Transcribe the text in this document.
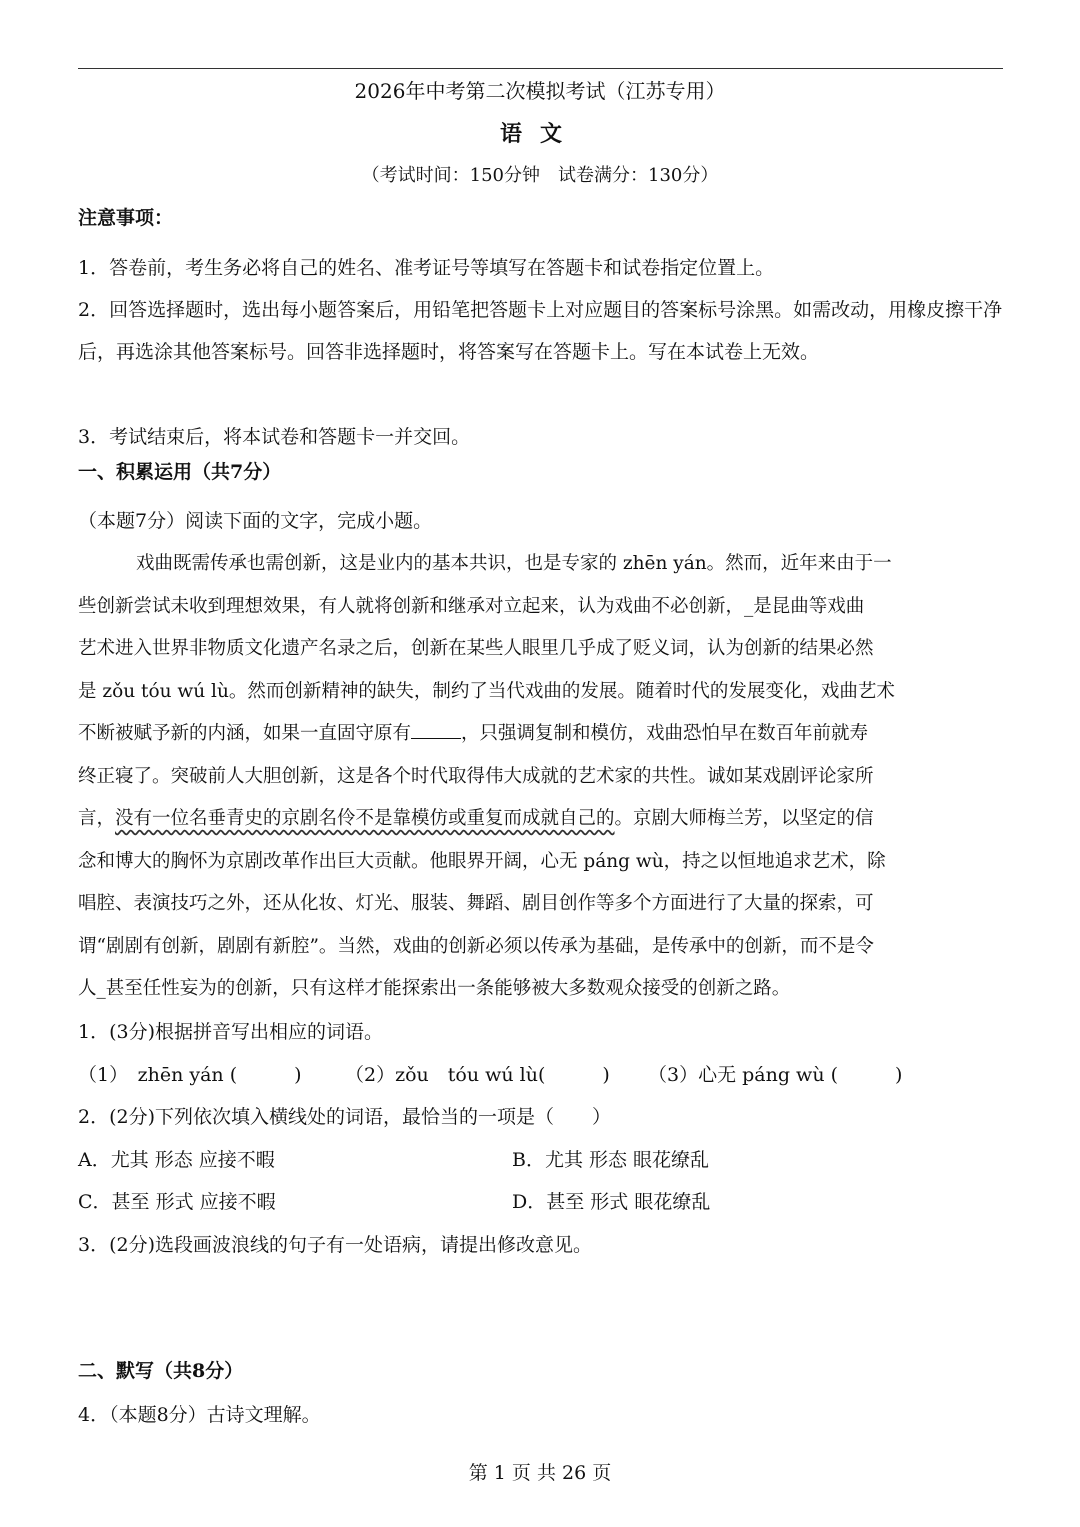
2026年中考第二次模拟考试（江苏专用）
语文
（考试时间：150分钟　试卷满分：130分）
注意事项：
1．答卷前，考生务必将自己的姓名、准考证号等填写在答题卡和试卷指定位置上。
2．回答选择题时，选出每小题答案后，用铅笔把答题卡上对应题目的答案标号涂黑。如需改动，用橡皮擦干净后，再选涂其他答案标号。回答非选择题时，将答案写在答题卡上。写在本试卷上无效。
3．考试结束后，将本试卷和答题卡一并交回。
一、积累运用（共7分）
（本题7分）阅读下面的文字，完成小题。
戏曲既需传承也需创新，这是业内的基本共识，也是专家的 zhēn yán。然而，近年来由于一
些创新尝试未收到理想效果，有人就将创新和继承对立起来，认为戏曲不必创新，_是昆曲等戏曲
艺术进入世界非物质文化遗产名录之后，创新在某些人眼里几乎成了贬义词，认为创新的结果必然
是 zǒu tóu wú lù。然而创新精神的缺失，制约了当代戏曲的发展。随着时代的发展变化，戏曲艺术
不断被赋予新的内涵，如果一直固守原有	，只强调复制和模仿，戏曲恐怕早在数百年前就寿
终正寝了。突破前人大胆创新，这是各个时代取得伟大成就的艺术家的共性。诚如某戏剧评论家所
言，没有一位名垂青史的京剧名伶不是靠模仿或重复而成就自己的。京剧大师梅兰芳，以坚定的信
念和博大的胸怀为京剧改革作出巨大贡献。他眼界开阔，心无 páng wù，持之以恒地追求艺术，除
唱腔、表演技巧之外，还从化妆、灯光、服装、舞蹈、剧目创作等多个方面进行了大量的探索，可
谓“剧剧有创新，剧剧有新腔”。当然，戏曲的创新必须以传承为基础，是传承中的创新，而不是令
人_甚至任性妄为的创新，只有这样才能探索出一条能够被大多数观众接受的创新之路。
1．(3分)根据拼音写出相应的词语。
（1）　zhēn yán (　　　) （2）zǒu　tóu wú lù(　　　) （3）心无 páng wù (　　　)
2．(2分)下列依次填入横线处的词语，最恰当的一项是（　　）
A．尤其 形态 应接不暇	B．尤其 形态 眼花缭乱
C．甚至 形式 应接不暇	D．甚至 形式 眼花缭乱
3．(2分)选段画波浪线的句子有一处语病，请提出修改意见。
二、默写（共8分）
4．（本题8分）古诗文理解。
第 1 页 共 26 页
